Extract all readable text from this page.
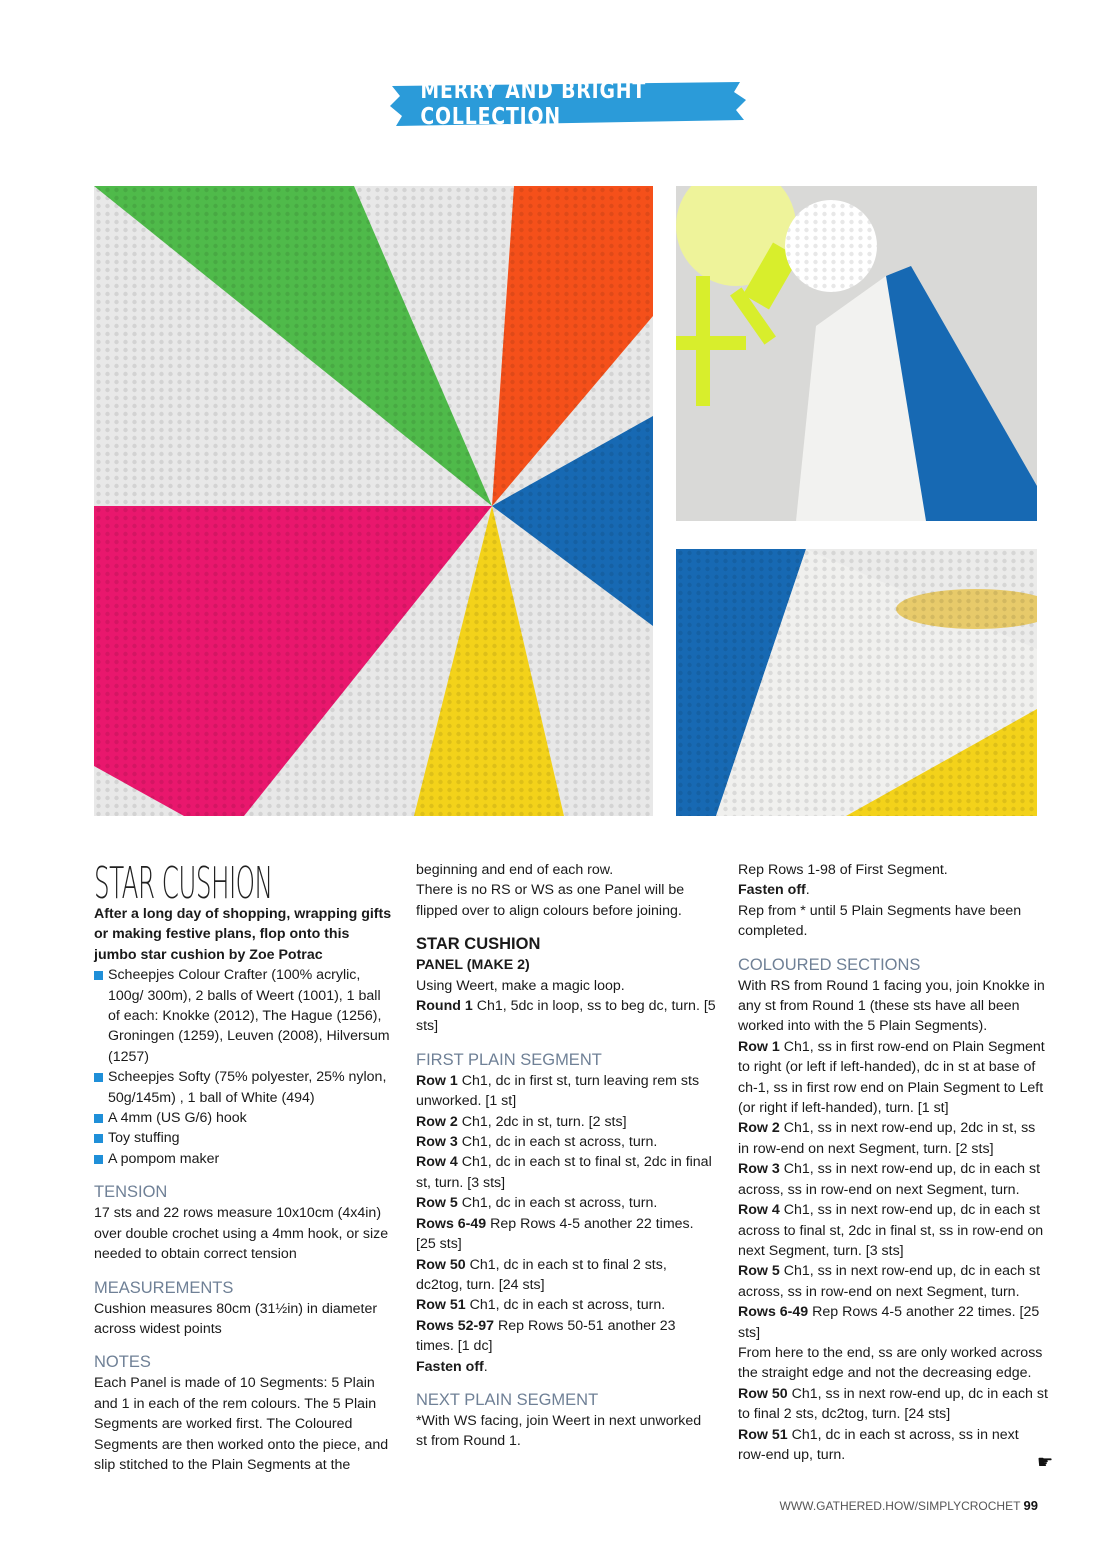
MERRY AND BRIGHT COLLECTION
STAR CUSHION

After a long day of shopping, wrapping gifts or making festive plans, flop onto this jumbo star cushion by Zoe Potrac

Scheepjes Colour Crafter (100% acrylic, 100g/ 300m), 2 balls of Weert (1001), 1 ball of each: Knokke (2012), The Hague (1256), Groningen (1259), Leuven (2008), Hilversum (1257)
Scheepjes Softy (75% polyester, 25% nylon, 50g/145m) , 1 ball of White (494)
A 4mm (US G/6) hook
Toy stuffing
A pompom maker
TENSION

17 sts and 22 rows measure 10x10cm (4x4in) over double crochet using a 4mm hook, or size needed to obtain correct tension

MEASUREMENTS

Cushion measures 80cm (31½in) in diameter across widest points

NOTES

Each Panel is made of 10 Segments: 5 Plain and 1 in each of the rem colours. The 5 Plain Segments are worked first. The Coloured Segments are then worked onto the piece, and slip stitched to the Plain Segments at the

beginning and end of each row.

There is no RS or WS as one Panel will be flipped over to align colours before joining.

STAR CUSHION

PANEL (MAKE 2)

Using Weert, make a magic loop.

Round 1 Ch1, 5dc in loop, ss to beg dc, turn. [5 sts]

FIRST PLAIN SEGMENT

Row 1 Ch1, dc in first st, turn leaving rem sts unworked. [1 st]

Row 2 Ch1, 2dc in st, turn. [2 sts]

Row 3 Ch1, dc in each st across, turn.

Row 4 Ch1, dc in each st to final st, 2dc in final st, turn. [3 sts]

Row 5 Ch1, dc in each st across, turn.

Rows 6-49 Rep Rows 4-5 another 22 times. [25 sts]

Row 50 Ch1, dc in each st to final 2 sts, dc2tog, turn. [24 sts]

Row 51 Ch1, dc in each st across, turn.

Rows 52-97 Rep Rows 50-51 another 23 times. [1 dc]

Fasten off.

NEXT PLAIN SEGMENT

*With WS facing, join Weert in next unworked st from Round 1.

Rep Rows 1-98 of First Segment.

Fasten off.

Rep from * until 5 Plain Segments have been completed.

COLOURED SECTIONS

With RS from Round 1 facing you, join Knokke in any st from Round 1 (these sts have all been worked into with the 5 Plain Segments).

Row 1 Ch1, ss in first row-end on Plain Segment to right (or left if left-handed), dc in st at base of ch-1, ss in first row end on Plain Segment to Left (or right if left-handed), turn. [1 st]

Row 2 Ch1, ss in next row-end up, 2dc in st, ss in row-end on next Segment, turn. [2 sts]

Row 3 Ch1, ss in next row-end up, dc in each st across, ss in row-end on next Segment, turn.

Row 4 Ch1, ss in next row-end up, dc in each st across to final st, 2dc in final st, ss in row-end on next Segment, turn. [3 sts]

Row 5 Ch1, ss in next row-end up, dc in each st across, ss in row-end on next Segment, turn.

Rows 6-49 Rep Rows 4-5 another 22 times. [25 sts]

From here to the end, ss are only worked across the straight edge and not the decreasing edge.

Row 50 Ch1, ss in next row-end up, dc in each st to final 2 sts, dc2tog, turn. [24 sts]

Row 51 Ch1, dc in each st across, ss in next row-end up, turn.	☛
WWW.GATHERED.HOW/SIMPLYCROCHET 99
